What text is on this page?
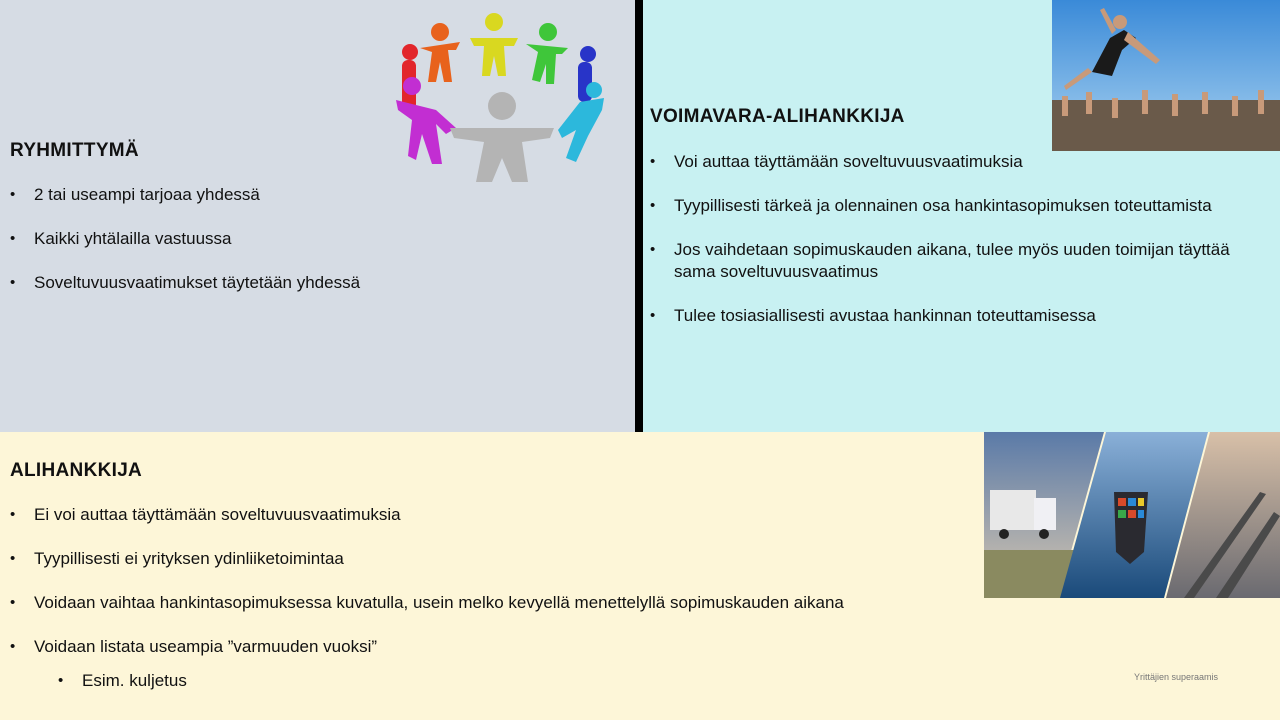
RYHMITTYMÄ
• 2 tai useampi tarjoaa yhdessä
• Kaikki yhtälailla vastuussa
• Soveltuvuusvaatimukset täytetään yhdessä
VOIMAVARA-ALIHANKKIJA
• Voi auttaa täyttämään soveltuvuusvaatimuksia
• Tyypillisesti tärkeä ja olennainen osa hankintasopimuksen toteuttamista
• Jos vaihdetaan sopimuskauden aikana, tulee myös uuden toimijan täyttää sama soveltuvuusvaatimus
• Tulee tosiasiallisesti avustaa hankinnan toteuttamisessa
ALIHANKKIJA
• Ei voi auttaa täyttämään soveltuvuusvaatimuksia
• Tyypillisesti ei yrityksen ydinliiketoimintaa
• Voidaan vaihtaa hankintasopimuksessa kuvatulla, usein melko kevyellä menettelyllä sopimuskauden aikana
• Voidaan listata useampia ”varmuuden vuoksi”
• Esim. kuljetus	Yrittäjien superaamis
